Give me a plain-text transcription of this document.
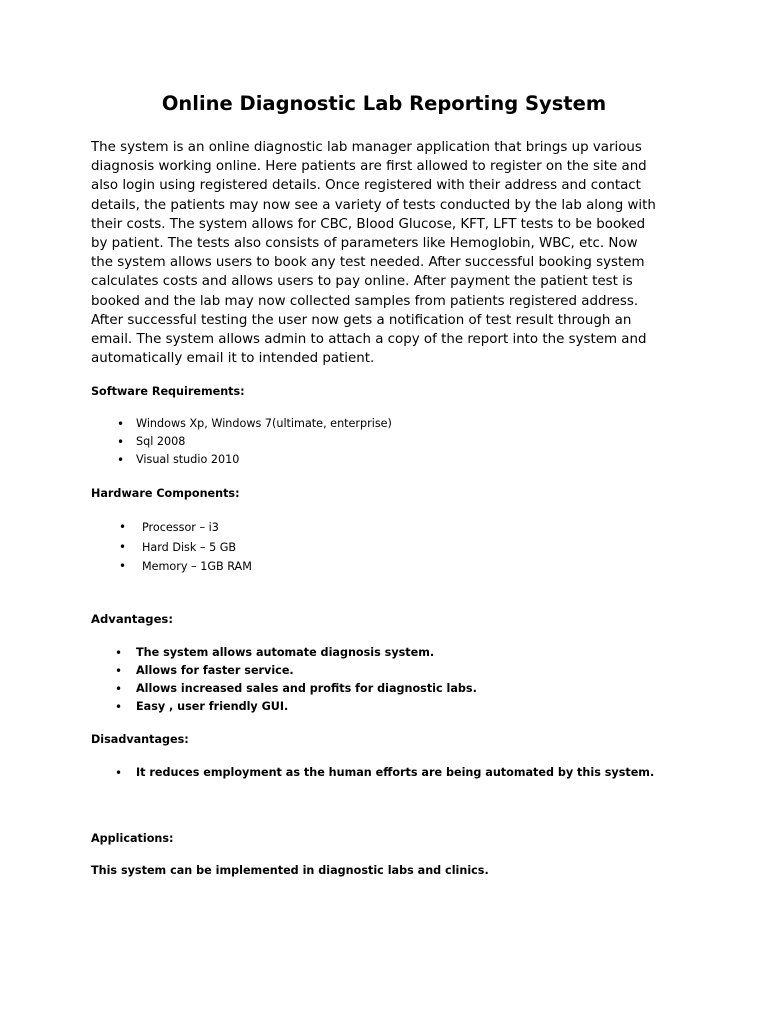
Online Diagnostic Lab Reporting System

The system is an online diagnostic lab manager application that brings up various
diagnosis working online. Here patients are first allowed to register on the site and
also login using registered details. Once registered with their address and contact
details, the patients may now see a variety of tests conducted by the lab along with
their costs. The system allows for CBC, Blood Glucose, KFT, LFT tests to be booked
by patient. The tests also consists of parameters like Hemoglobin, WBC, etc. Now
the system allows users to book any test needed. After successful booking system
calculates costs and allows users to pay online. After payment the patient test is
booked and the lab may now collected samples from patients registered address.
After successful testing the user now gets a notification of test result through an
email. The system allows admin to attach a copy of the report into the system and
automatically email it to intended patient.

Software Requirements:
• Windows Xp, Windows 7(ultimate, enterprise)
• Sql 2008
• Visual studio 2010
Hardware Components:
• Processor – i3
• Hard Disk – 5 GB
• Memory – 1GB RAM
Advantages:
• The system allows automate diagnosis system.
• Allows for faster service.
• Allows increased sales and profits for diagnostic labs.
• Easy , user friendly GUI.
Disadvantages:
• It reduces employment as the human efforts are being automated by this system.
Applications:

This system can be implemented in diagnostic labs and clinics.
